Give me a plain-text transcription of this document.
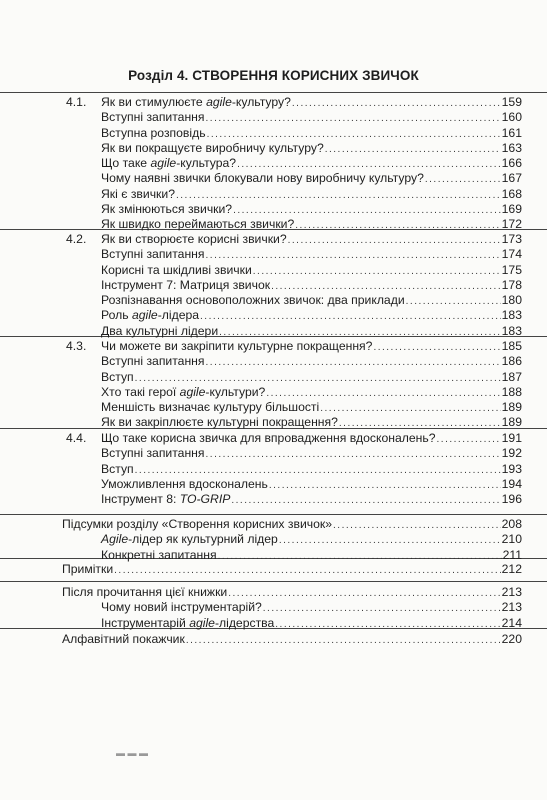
Розділ 4. СТВОРЕННЯ КОРИСНИХ ЗВИЧОК
4.1.	Як ви стимулюєте agile-культуру? .....	159
Вступні запитання .....	160
Вступна розповідь .....	161
Як ви покращуєте виробничу культуру? .....	163
Що таке agile-культура? .....	166
Чому наявні звички блокували нову виробничу культуру? .....	167
Які є звички? .....	168
Як змінюються звички? .....	169
Як швидко переймаються звички? .....	172
4.2.	Як ви створюєте корисні звички? .....	173
Вступні запитання .....	174
Корисні та шкідливі звички .....	175
Інструмент 7: Матриця звичок .....	178
Розпізнавання основоположних звичок: два приклади .....	180
Роль agile-лідера .....	183
Два культурні лідери .....	183
4.3.	Чи можете ви закріпити культурне покращення? .....	185
Вступні запитання .....	186
Вступ .....	187
Хто такі герої agile-культури? .....	188
Меншість визначає культуру більшості .....	189
Як ви закріплюєте культурні покращення? .....	189
4.4.	Що таке корисна звичка для впровадження вдосконалень? .....	191
Вступні запитання .....	192
Вступ .....	193
Уможливлення вдосконалень .....	194
Інструмент 8: TO-GRIP .....	196
Підсумки розділу «Створення корисних звичок» .....	208
Agile-лідер як культурний лідер .....	210
Конкретні запитання .....	211
Примітки .....	212
Після прочитання цієї книжки .....	213
Чому новий інструментарій? .....	213
Інструментарій agile-лідерства .....	214
Алфавітний покажчик .....	220
▬ ▬ ▬
